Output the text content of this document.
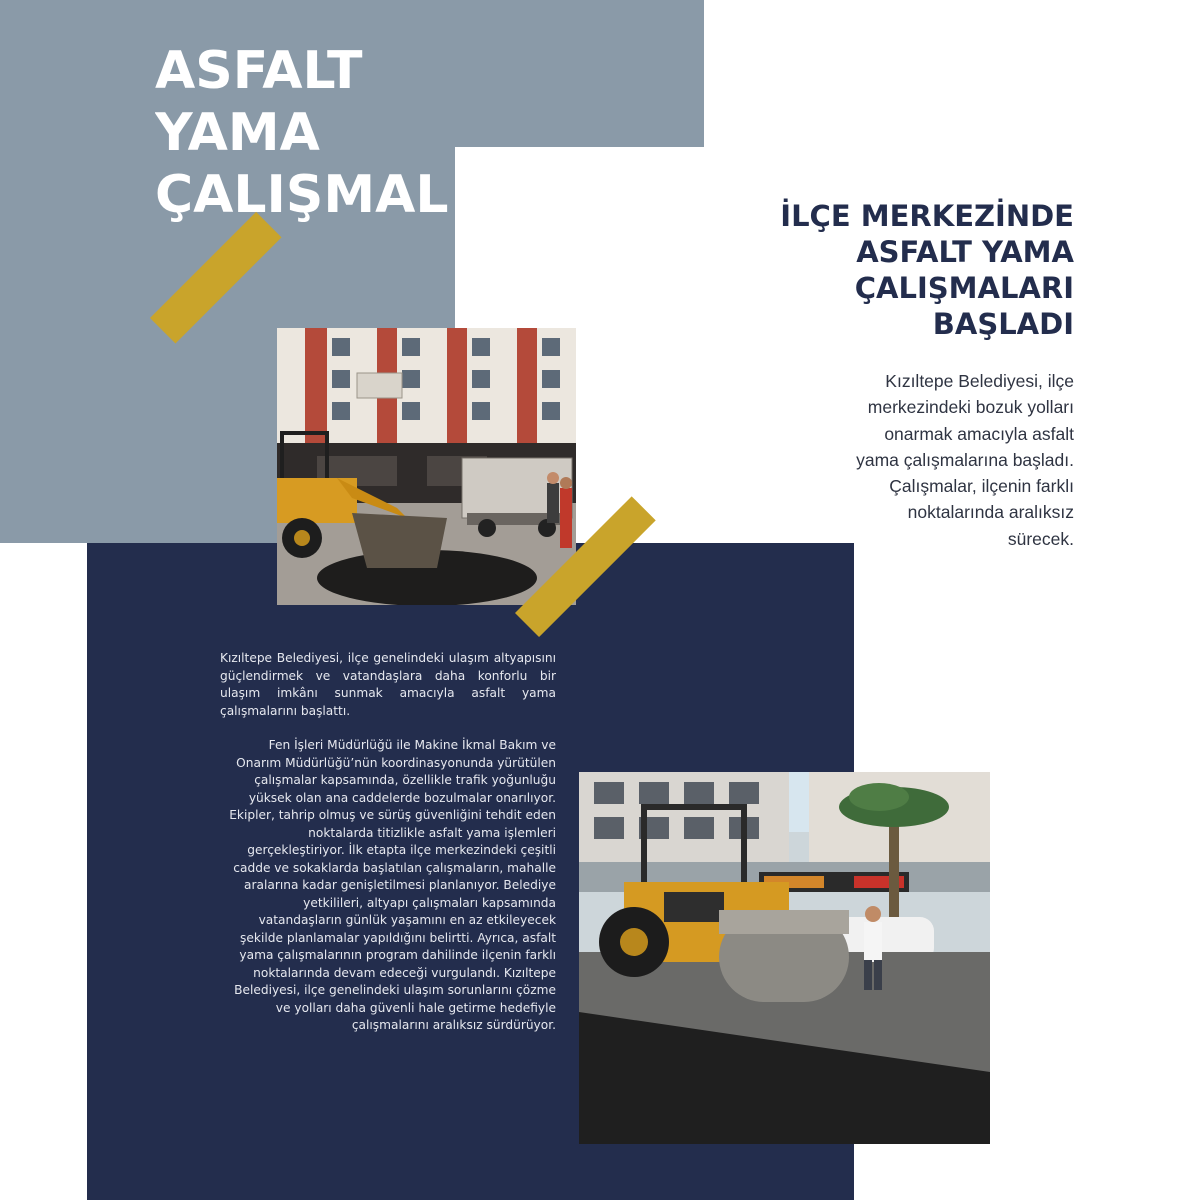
ASFALT
YAMA
ÇALIŞMAL	İLÇE MERKEZİNDE
ASFALT YAMA
ÇALIŞMALARI
BAŞLADI

Kızıltepe Belediyesi, ilçe
merkezindeki bozuk yolları
onarmak amacıyla asfalt
yama çalışmalarına başladı.
Çalışmalar, ilçenin farklı
noktalarında aralıksız
sürecek.

Kızıltepe Belediyesi, ilçe genelindeki ulaşım altyapısını güçlendirmek ve vatandaşlara daha konforlu bir ulaşım imkânı sunmak amacıyla asfalt yama çalışmalarını başlattı.

Fen İşleri Müdürlüğü ile Makine İkmal Bakım ve Onarım Müdürlüğü’nün koordinasyonunda yürütülen çalışmalar kapsamında, özellikle trafik yoğunluğu yüksek olan ana caddelerde bozulmalar onarılıyor. Ekipler, tahrip olmuş ve sürüş güvenliğini tehdit eden noktalarda titizlikle asfalt yama işlemleri gerçekleştiriyor. İlk etapta ilçe merkezindeki çeşitli cadde ve sokaklarda başlatılan çalışmaların, mahalle aralarına kadar genişletilmesi planlanıyor. Belediye yetkilileri, altyapı çalışmaları kapsamında vatandaşların günlük yaşamını en az etkileyecek şekilde planlamalar yapıldığını belirtti. Ayrıca, asfalt yama çalışmalarının program dahilinde ilçenin farklı noktalarında devam edeceği vurgulandı. Kızıltepe Belediyesi, ilçe genelindeki ulaşım sorunlarını çözme ve yolları daha güvenli hale getirme hedefiyle çalışmalarını aralıksız sürdürüyor.
